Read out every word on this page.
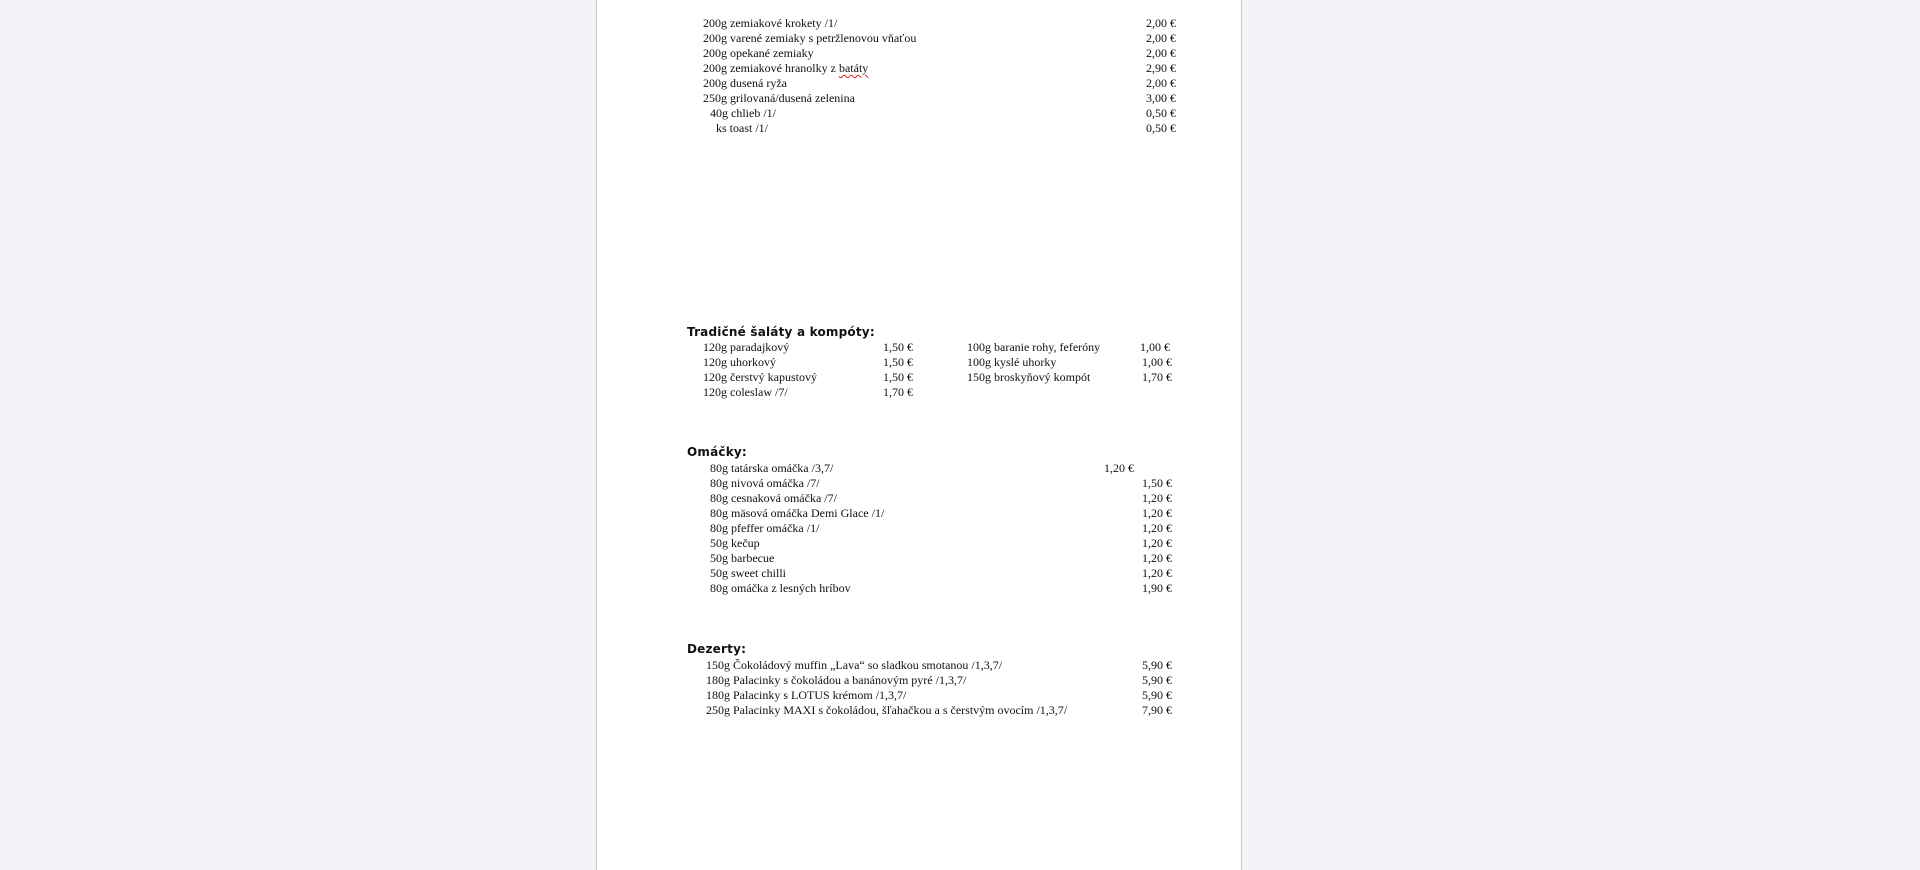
200g zemiakové krokety /1/	2,00 €
200g varené zemiaky s petržlenovou vňaťou	2,00 €
200g opekané zemiaky	2,00 €
200g zemiakové hranolky z batáty	2,90 €
200g dusená ryža	2,00 €
250g grilovaná/dusená zelenina	3,00 €
40g chlieb /1/	0,50 €
ks toast /1/	0,50 €
Tradičné šaláty a kompóty:
120g paradajkový	1,50 €	100g baranie rohy, feferóny	1,00 €
120g uhorkový	1,50 €	100g kyslé uhorky	1,00 €
120g čerstvý kapustový	1,50 €	150g broskyňový kompót	1,70 €
120g coleslaw /7/	1,70 €
Omáčky:
80g tatárska omáčka /3,7/	1,20 €
80g nivová omáčka /7/	1,50 €
80g cesnaková omáčka /7/	1,20 €
80g mäsová omáčka Demi Glace /1/	1,20 €
80g pfeffer omáčka /1/	1,20 €
50g kečup	1,20 €
50g barbecue	1,20 €
50g sweet chilli	1,20 €
80g omáčka z lesných hríbov	1,90 €
Dezerty:
150g Čokoládový muffin „Lava“ so sladkou smotanou /1,3,7/	5,90 €
180g Palacinky s čokoládou a banánovým pyré /1,3,7/	5,90 €
180g Palacinky s LOTUS krémom /1,3,7/	5,90 €
250g Palacinky MAXI s čokoládou, šľahačkou a s čerstvým ovocím /1,3,7/	7,90 €
